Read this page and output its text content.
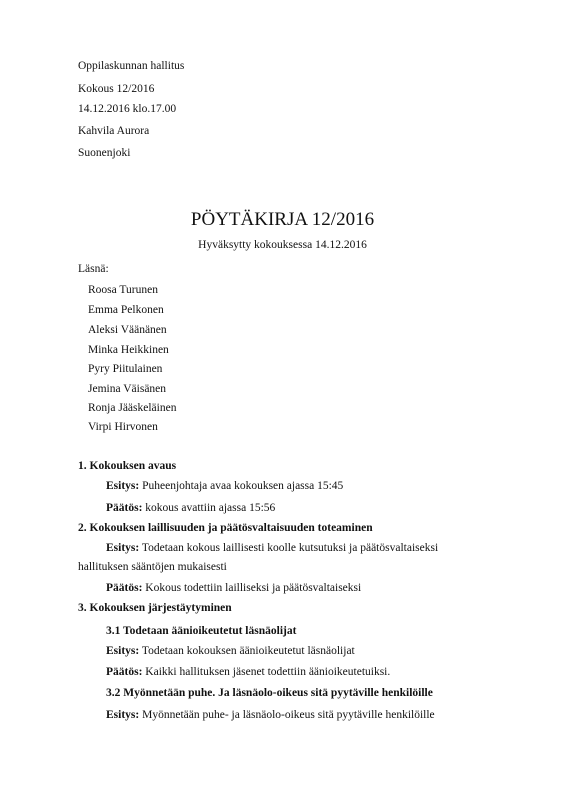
Oppilaskunnan hallitus
Kokous 12/2016
14.12.2016 klo.17.00
Kahvila Aurora
Suonenjoki
PÖYTÄKIRJA 12/2016
Hyväksytty kokouksessa 14.12.2016
Läsnä:
Roosa Turunen
Emma Pelkonen
Aleksi Väänänen
Minka Heikkinen
Pyry Piitulainen
Jemina Väisänen
Ronja Jääskeläinen
Virpi Hirvonen
1. Kokouksen avaus
Esitys: Puheenjohtaja avaa kokouksen ajassa 15:45
Päätös: kokous avattiin ajassa 15:56
2. Kokouksen laillisuuden ja päätösvaltaisuuden toteaminen
Esitys: Todetaan kokous laillisesti koolle kutsutuksi ja päätösvaltaiseksi hallituksen sääntöjen mukaisesti
Päätös: Kokous todettiin lailliseksi ja päätösvaltaiseksi
3. Kokouksen järjestäytyminen
3.1 Todetaan äänioikeutetut läsnäolijat
Esitys: Todetaan kokouksen äänioikeutetut läsnäolijat
Päätös: Kaikki hallituksen jäsenet todettiin äänioikeutetuiksi.
3.2 Myönnetään puhe. Ja läsnäolo-oikeus sitä pyytäville henkilöille
Esitys: Myönnetään puhe- ja läsnäolo-oikeus sitä pyytäville henkilöille
